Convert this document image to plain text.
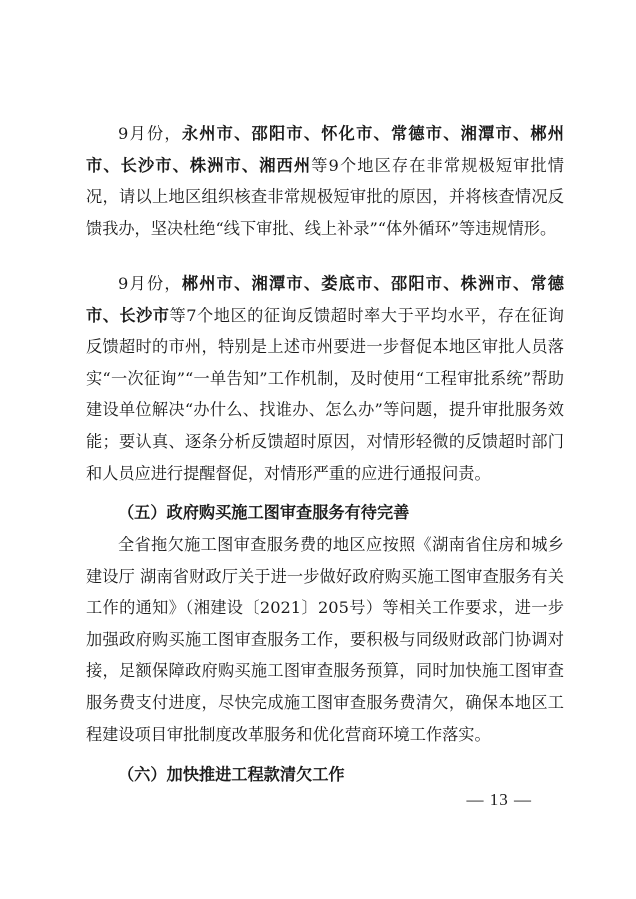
9月份，永州市、邵阳市、怀化市、常德市、湘潭市、郴州市、长沙市、株洲市、湘西州等9个地区存在非常规极短审批情况，请以上地区组织核查非常规极短审批的原因，并将核查情况反馈我办，坚决杜绝“线下审批、线上补录”“体外循环”等违规情形。

9月份，郴州市、湘潭市、娄底市、邵阳市、株洲市、常德市、长沙市等7个地区的征询反馈超时率大于平均水平，存在征询反馈超时的市州，特别是上述市州要进一步督促本地区审批人员落实“一次征询”“一单告知”工作机制，及时使用“工程审批系统”帮助建设单位解决“办什么、找谁办、怎么办”等问题，提升审批服务效能；要认真、逐条分析反馈超时原因，对情形轻微的反馈超时部门和人员应进行提醒督促，对情形严重的应进行通报问责。

（五）政府购买施工图审查服务有待完善

全省拖欠施工图审查服务费的地区应按照《湖南省住房和城乡建设厅 湖南省财政厅关于进一步做好政府购买施工图审查服务有关工作的通知》（湘建设〔2021〕205号）等相关工作要求，进一步加强政府购买施工图审查服务工作，要积极与同级财政部门协调对接，足额保障政府购买施工图审查服务预算，同时加快施工图审查服务费支付进度，尽快完成施工图审查服务费清欠，确保本地区工程建设项目审批制度改革服务和优化营商环境工作落实。

（六）加快推进工程款清欠工作

— 13 —
